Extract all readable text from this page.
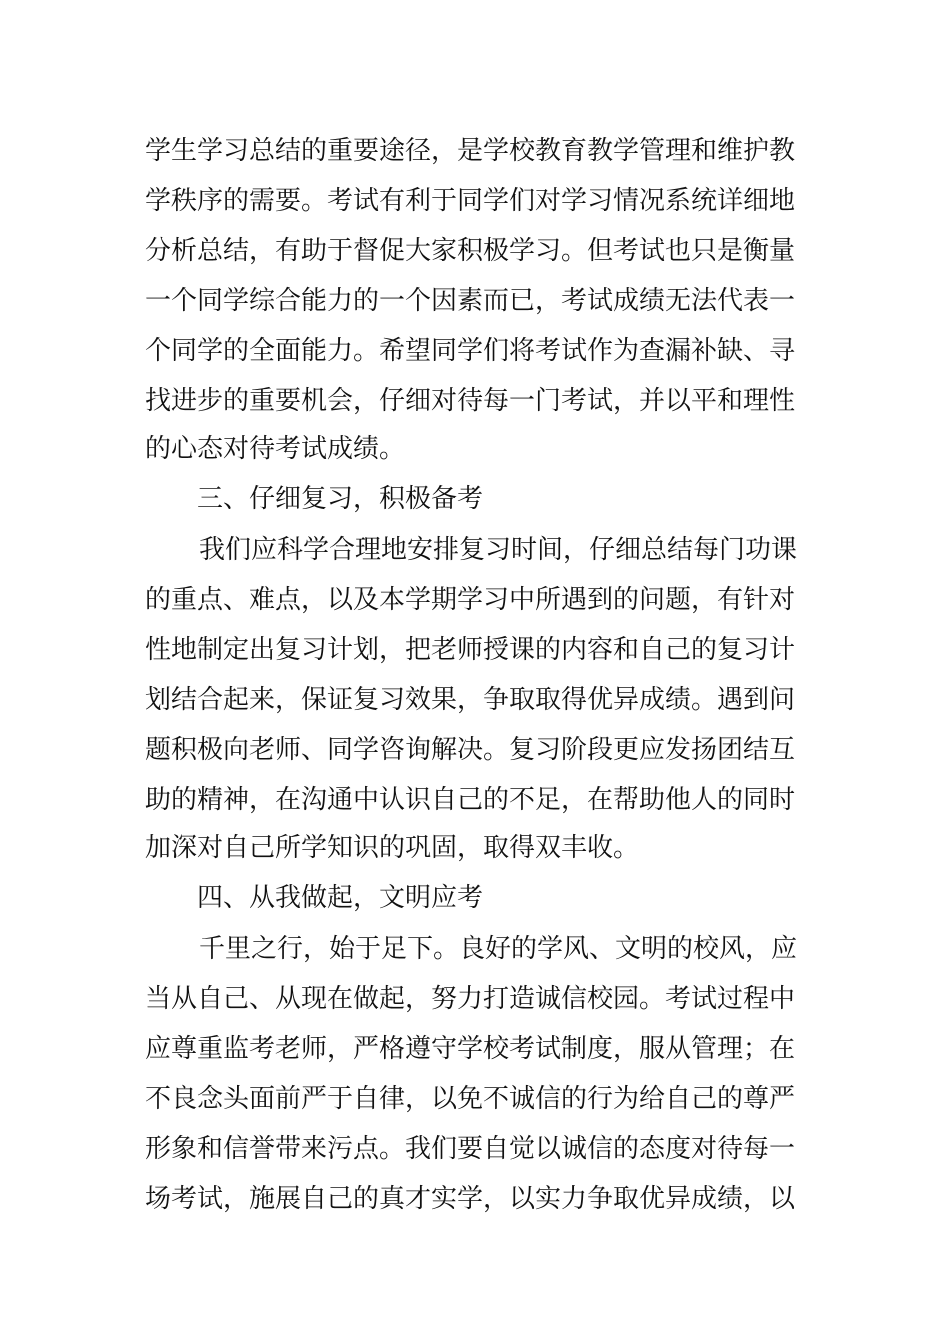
学生学习总结的重要途径，是学校教育教学管理和维护教
学秩序的需要。考试有利于同学们对学习情况系统详细地
分析总结，有助于督促大家积极学习。但考试也只是衡量
一个同学综合能力的一个因素而已，考试成绩无法代表一
个同学的全面能力。希望同学们将考试作为查漏补缺、寻
找进步的重要机会，仔细对待每一门考试，并以平和理性
的心态对待考试成绩。
三、仔细复习，积极备考
我们应科学合理地安排复习时间，仔细总结每门功课
的重点、难点，以及本学期学习中所遇到的问题，有针对
性地制定出复习计划，把老师授课的内容和自己的复习计
划结合起来，保证复习效果，争取取得优异成绩。遇到问
题积极向老师、同学咨询解决。复习阶段更应发扬团结互
助的精神，在沟通中认识自己的不足，在帮助他人的同时
加深对自己所学知识的巩固，取得双丰收。
四、从我做起，文明应考
千里之行，始于足下。良好的学风、文明的校风，应
当从自己、从现在做起，努力打造诚信校园。考试过程中
应尊重监考老师，严格遵守学校考试制度，服从管理；在
不良念头面前严于自律，以免不诚信的行为给自己的尊严
形象和信誉带来污点。我们要自觉以诚信的态度对待每一
场考试，施展自己的真才实学，以实力争取优异成绩，以
